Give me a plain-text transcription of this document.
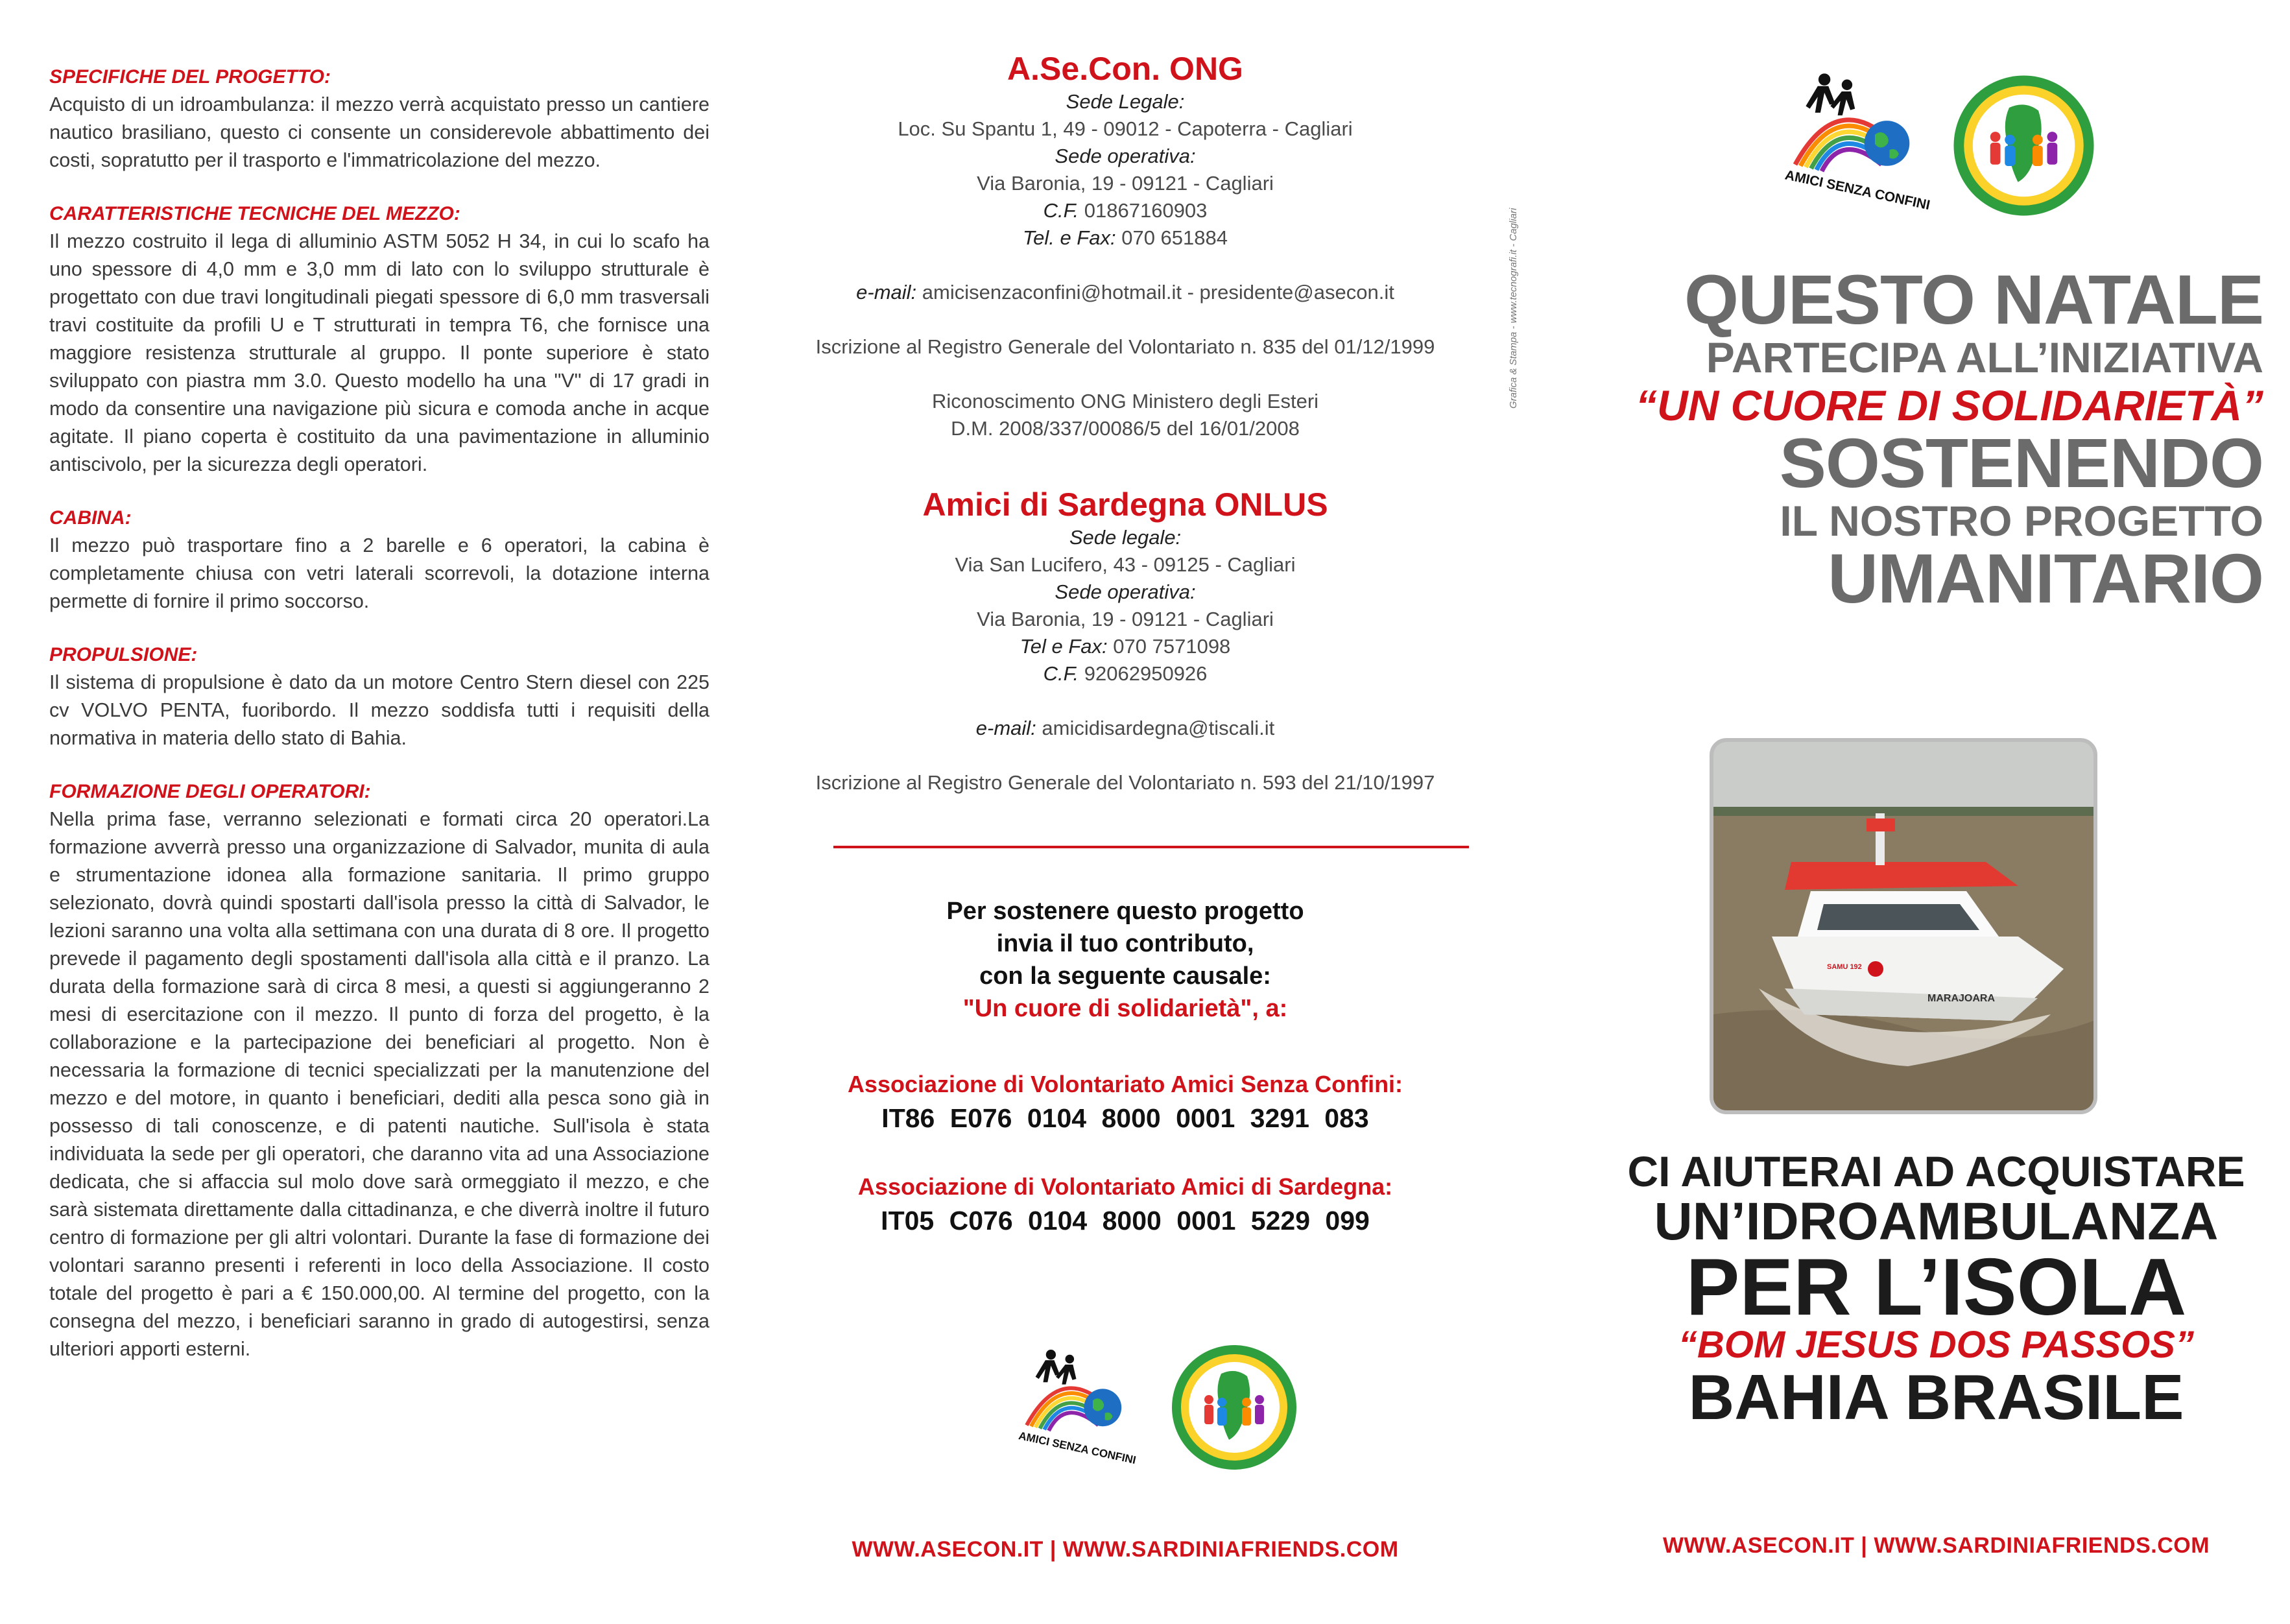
SPECIFICHE DEL PROGETTO:

Acquisto di un idroambulanza: il mezzo verrà acquistato presso un cantiere nautico brasiliano, questo ci consente un considerevole abbattimento dei costi, sopratutto per il trasporto e l'immatricolazione del mezzo.

CARATTERISTICHE TECNICHE DEL MEZZO:

Il mezzo costruito il lega di alluminio ASTM 5052 H 34, in cui lo scafo ha uno spessore di 4,0 mm e 3,0 mm di lato con lo sviluppo strutturale è progettato con due travi longitudinali piegati spessore di 6,0 mm trasversali travi costituite da profili U e T strutturati in tempra T6, che fornisce una maggiore resistenza strutturale al gruppo. Il ponte superiore è stato sviluppato con piastra mm 3.0. Questo modello ha una "V" di 17 gradi in modo da consentire una navigazione più sicura e comoda anche in acque agitate. Il piano coperta è costituito da una pavimentazione in alluminio antiscivolo, per la sicurezza degli operatori.

CABINA:

Il mezzo può trasportare fino a 2 barelle e 6 operatori, la cabina è completamente chiusa con vetri laterali scorrevoli, la dotazione interna permette di fornire il primo soccorso.

PROPULSIONE:

Il sistema di propulsione è dato da un motore Centro Stern diesel con 225 cv VOLVO PENTA, fuoribordo. Il mezzo soddisfa tutti i requisiti della normativa in materia dello stato di Bahia.

FORMAZIONE DEGLI OPERATORI:

Nella prima fase, verranno selezionati e formati circa 20 operatori.La formazione avverrà presso una organizzazione di Salvador, munita di aula e strumentazione idonea alla formazione sanitaria. Il primo gruppo selezionato, dovrà quindi spostarti dall'isola presso la città di Salvador, le lezioni saranno una volta alla settimana con una durata di 8 ore. Il progetto prevede il pagamento degli spostamenti dall'isola alla città e il pranzo. La durata della formazione sarà di circa 8 mesi, a questi si aggiungeranno 2 mesi di esercitazione con il mezzo. Il punto di forza del progetto, è la collaborazione e la partecipazione dei beneficiari al progetto. Non è necessaria la formazione di tecnici specializzati per la manutenzione del mezzo e del motore, in quanto i beneficiari, dediti alla pesca sono già in possesso di tali conoscenze, e di patenti nautiche. Sull'isola è stata individuata la sede per gli operatori, che daranno vita ad una Associazione dedicata, che si affaccia sul molo dove sarà ormeggiato il mezzo, e che sarà sistematа direttamente dalla cittadinanza, e che diverrà inoltre il futuro centro di formazione per gli altri volontari. Durante la fase di formazione dei volontari saranno presenti i referenti in loco della Associazione. Il costo totale del progetto è pari a € 150.000,00. Al termine del progetto, con la consegna del mezzo, i beneficiari saranno in grado di autogestirsi, senza ulteriori apporti esterni.

A.Se.Con. ONG

Sede Legale:

Loc. Su Spantu 1, 49 - 09012 - Capoterra - Cagliari

Sede operativa:

Via Baronia, 19 - 09121 - Cagliari

C.F. 01867160903

Tel. e Fax: 070 651884

e-mail: amicisenzaconfini@hotmail.it - presidente@asecon.it

Iscrizione al Registro Generale del Volontariato n. 835 del 01/12/1999

Riconoscimento ONG Ministero degli Esteri

D.M. 2008/337/00086/5 del 16/01/2008

Amici di Sardegna ONLUS

Sede legale:

Via San Lucifero, 43 - 09125 - Cagliari

Sede operativa:

Via Baronia, 19 - 09121 - Cagliari

Tel e Fax: 070 7571098

C.F. 92062950926

e-mail: amicidisardegna@tiscali.it

Iscrizione al Registro Generale del Volontariato n. 593 del 21/10/1997

Per sostenere questo progetto

invia il tuo contributo,

con la seguente causale:

"Un cuore di solidarietà", a:

Associazione di Volontariato Amici Senza Confini:

IT86 E076 0104 8000 0001 3291 083

Associazione di Volontariato Amici di Sardegna:

IT05 C076 0104 8000 0001 5229 099

AMICI SENZA CONFINI
WWW.ASECON.IT | WWW.SARDINIAFRIENDS.COM
Grafica & Stampa - www.tecnografi.it - Cagliari
AMICI SENZA CONFINI
QUESTO NATALE
PARTECIPA ALL’INIZIATIVA
“UN CUORE DI SOLIDARIETÀ”
SOSTENENDO
IL NOSTRO PROGETTO
UMANITARIO
MARAJOARA
SAMU 192
CI AIUTERAI AD ACQUISTARE
UN’IDROAMBULANZA
PER L’ISOLA
“BOM JESUS DOS PASSOS”
BAHIA BRASILE
WWW.ASECON.IT | WWW.SARDINIAFRIENDS.COM
